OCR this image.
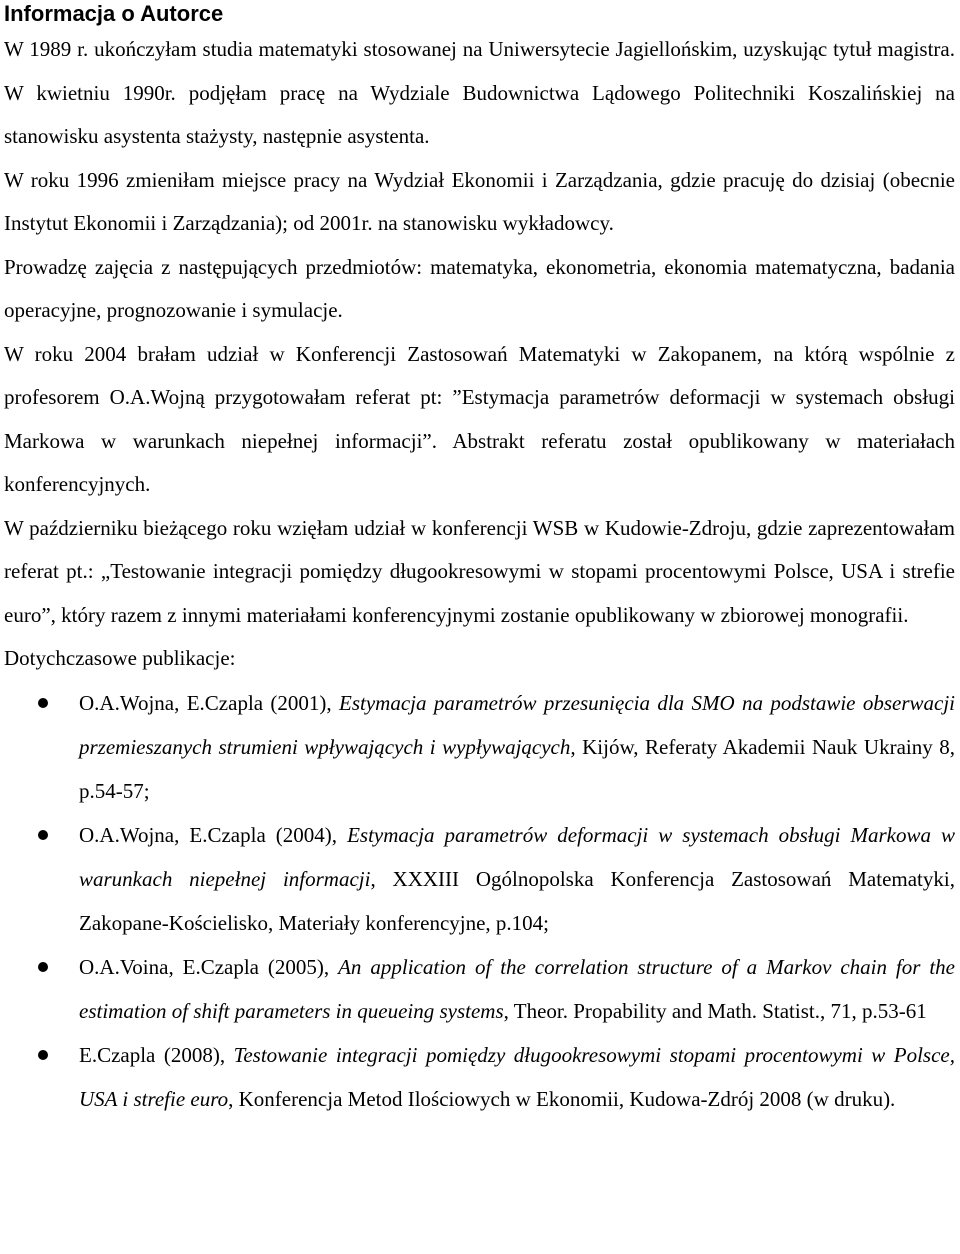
Informacja o Autorce

W 1989 r. ukończyłam studia matematyki stosowanej na Uniwersytecie Jagiellońskim, uzyskując tytuł magistra. W kwietniu 1990r. podjęłam pracę na Wydziale Budownictwa Lądowego Politechniki Koszalińskiej na stanowisku asystenta stażysty, następnie asystenta.

W roku 1996 zmieniłam miejsce pracy na Wydział Ekonomii i Zarządzania, gdzie pracuję do dzisiaj (obecnie Instytut Ekonomii i Zarządzania); od 2001r. na stanowisku wykładowcy.

Prowadzę zajęcia z następujących przedmiotów: matematyka, ekonometria, ekonomia matematyczna, badania operacyjne, prognozowanie i symulacje.

W roku 2004 brałam udział w Konferencji Zastosowań Matematyki w Zakopanem, na którą wspólnie z profesorem O.A.Wojną przygotowałam referat pt: ”Estymacja parametrów deformacji w systemach obsługi Markowa w warunkach niepełnej informacji”. Abstrakt referatu został opublikowany w materiałach konferencyjnych.

W październiku bieżącego roku wzięłam udział w konferencji WSB w Kudowie-Zdroju, gdzie zaprezentowałam referat pt.: „Testowanie integracji pomiędzy długookresowymi w stopami procentowymi Polsce, USA i strefie euro”, który razem z innymi materiałami konferencyjnymi zostanie opublikowany w zbiorowej monografii.

Dotychczasowe publikacje:

O.A.Wojna, E.Czapla (2001), Estymacja parametrów przesunięcia dla SMO na podstawie obserwacji przemieszanych strumieni wpływających i wypływających, Kijów, Referaty Akademii Nauk Ukrainy 8, p.54-57;
O.A.Wojna, E.Czapla (2004), Estymacja parametrów deformacji w systemach obsługi Markowa w warunkach niepełnej informacji, XXXIII Ogólnopolska Konferencja Zastosowań Matematyki, Zakopane-Kościelisko, Materiały konferencyjne, p.104;
O.A.Voina, E.Czapla (2005), An application of the correlation structure of a Markov chain for the estimation of shift parameters in queueing systems, Theor. Propability and Math. Statist., 71, p.53-61
E.Czapla (2008), Testowanie integracji pomiędzy długookresowymi stopami procentowymi w Polsce, USA i strefie euro, Konferencja Metod Ilościowych w Ekonomii, Kudowa-Zdrój 2008 (w druku).
